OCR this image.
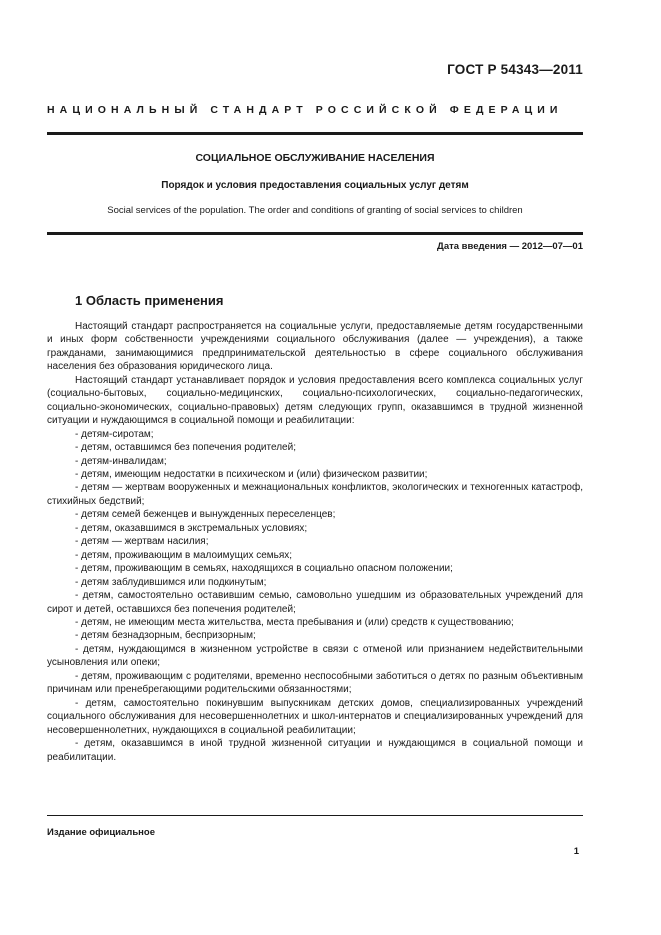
ГОСТ Р 54343—2011
НАЦИОНАЛЬНЫЙ СТАНДАРТ РОССИЙСКОЙ ФЕДЕРАЦИИ
СОЦИАЛЬНОЕ ОБСЛУЖИВАНИЕ НАСЕЛЕНИЯ
Порядок и условия предоставления социальных услуг детям
Social services of the population. The order and conditions of granting of social services to children
Дата введения — 2012—07—01
1 Область применения

Настоящий стандарт распространяется на социальные услуги, предоставляемые детям государственными и иных форм собственности учреждениями социального обслуживания (далее — учреждения), а также гражданами, занимающимися предпринимательской деятельностью в сфере социального обслуживания населения без образования юридического лица.

Настоящий стандарт устанавливает порядок и условия предоставления всего комплекса социальных услуг (социально-бытовых, социально-медицинских, социально-психологических, социально-педагогических, социально-экономических, социально-правовых) детям следующих групп, оказавшимся в трудной жизненной ситуации и нуждающимся в социальной помощи и реабилитации:

- детям-сиротам;

- детям, оставшимся без попечения родителей;

- детям-инвалидам;

- детям, имеющим недостатки в психическом и (или) физическом развитии;

- детям — жертвам вооруженных и межнациональных конфликтов, экологических и техногенных катастроф, стихийных бедствий;

- детям семей беженцев и вынужденных переселенцев;

- детям, оказавшимся в экстремальных условиях;

- детям — жертвам насилия;

- детям, проживающим в малоимущих семьях;

- детям, проживающим в семьях, находящихся в социально опасном положении;

- детям заблудившимся или подкинутым;

- детям, самостоятельно оставившим семью, самовольно ушедшим из образовательных учреждений для сирот и детей, оставшихся без попечения родителей;

- детям, не имеющим места жительства, места пребывания и (или) средств к существованию;

- детям безнадзорным, беспризорным;

- детям, нуждающимся в жизненном устройстве в связи с отменой или признанием недействительными усыновления или опеки;

- детям, проживающим с родителями, временно неспособными заботиться о детях по разным объективным причинам или пренебрегающими родительскими обязанностями;

- детям, самостоятельно покинувшим выпускникам детских домов, специализированных учреждений социального обслуживания для несовершеннолетних и школ-интернатов и специализированных учреждений для несовершеннолетних, нуждающихся в социальной реабилитации;

- детям, оказавшимся в иной трудной жизненной ситуации и нуждающимся в социальной помощи и реабилитации.

Издание официальное
1
